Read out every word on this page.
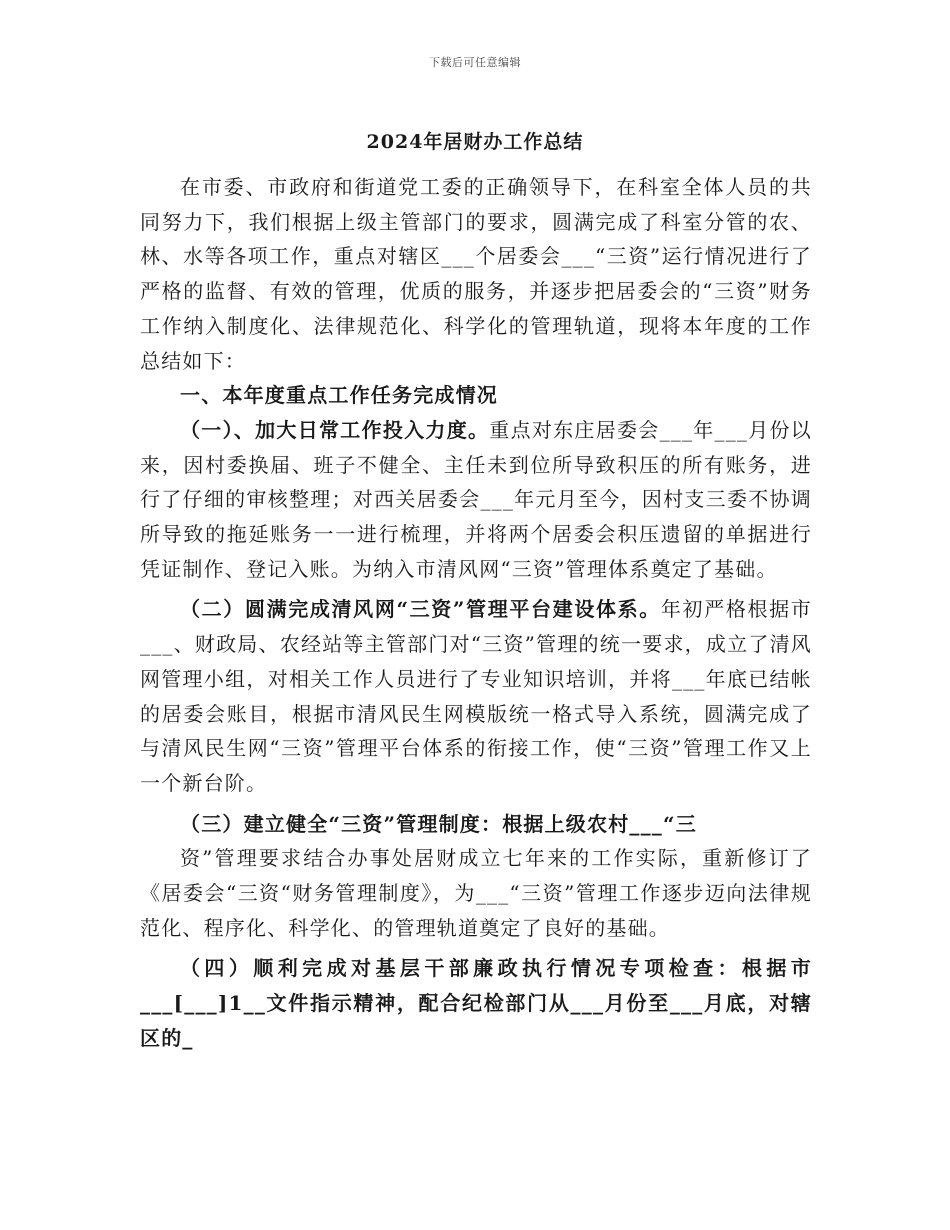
下载后可任意编辑
2024年居财办工作总结

在市委、市政府和街道党工委的正确领导下，在科室全体人员的共同努力下，我们根据上级主管部门的要求，圆满完成了科室分管的农、林、水等各项工作，重点对辖区___个居委会___“三资”运行情况进行了严格的监督、有效的管理，优质的服务，并逐步把居委会的“三资”财务工作纳入制度化、法律规范化、科学化的管理轨道，现将本年度的工作总结如下：

一、本年度重点工作任务完成情况

（一）、加大日常工作投入力度。重点对东庄居委会___年___月份以来，因村委换届、班子不健全、主任未到位所导致积压的所有账务，进行了仔细的审核整理；对西关居委会___年元月至今，因村支三委不协调所导致的拖延账务一一进行梳理，并将两个居委会积压遗留的单据进行凭证制作、登记入账。为纳入市清风网“三资”管理体系奠定了基础。

（二）圆满完成清风网“三资”管理平台建设体系。年初严格根据市___、财政局、农经站等主管部门对“三资”管理的统一要求，成立了清风网管理小组，对相关工作人员进行了专业知识培训，并将___年底已结帐的居委会账目，根据市清风民生网模版统一格式导入系统，圆满完成了与清风民生网“三资”管理平台体系的衔接工作，使“三资”管理工作又上一个新台阶。

（三）建立健全“三资”管理制度：根据上级农村___“三

资”管理要求结合办事处居财成立七年来的工作实际，重新修订了《居委会“三资“财务管理制度》，为___“三资”管理工作逐步迈向法律规范化、程序化、科学化、的管理轨道奠定了良好的基础。

（四）顺利完成对基层干部廉政执行情况专项检查：根据市___[___]1__文件指示精神，配合纪检部门从___月份至___月底，对辖区的_
